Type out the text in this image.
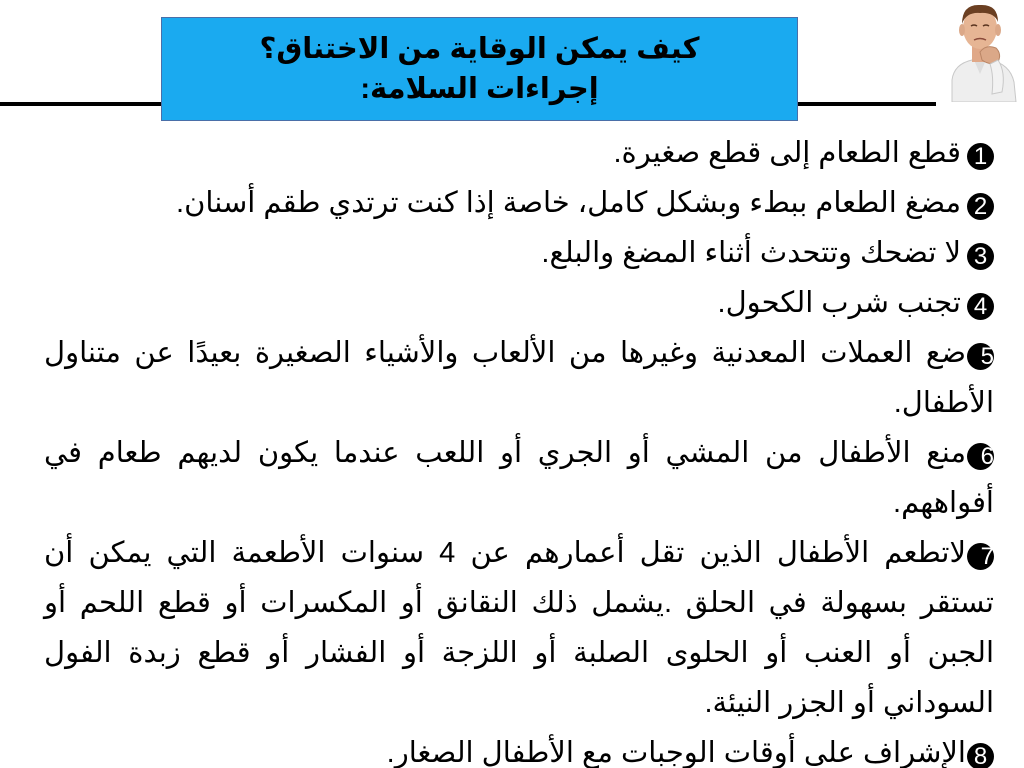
كيف يمكن الوقاية من الاختناق؟
إجراءات السلامة:
1قطع الطعام إلى قطع صغيرة.
2مضغ الطعام ببطء وبشكل كامل، خاصة إذا كنت ترتدي طقم أسنان.
3لا تضحك وتتحدث أثناء المضغ والبلع.
4تجنب شرب الكحول.
5ضع العملات المعدنية وغيرها من الألعاب والأشياء الصغيرة بعيدًا عن متناول الأطفال.
6منع الأطفال من المشي أو الجري أو اللعب عندما يكون لديهم طعام في أفواههم.
7لاتطعم الأطفال الذين تقل أعمارهم عن 4 سنوات الأطعمة التي يمكن أن تستقر بسهولة في الحلق .يشمل ذلك النقانق أو المكسرات أو قطع اللحم أو الجبن أو العنب أو الحلوى الصلبة أو اللزجة أو الفشار أو قطع زبدة الفول السوداني أو الجزر النيئة.
8الإشراف على أوقات الوجبات مع الأطفال الصغار.
